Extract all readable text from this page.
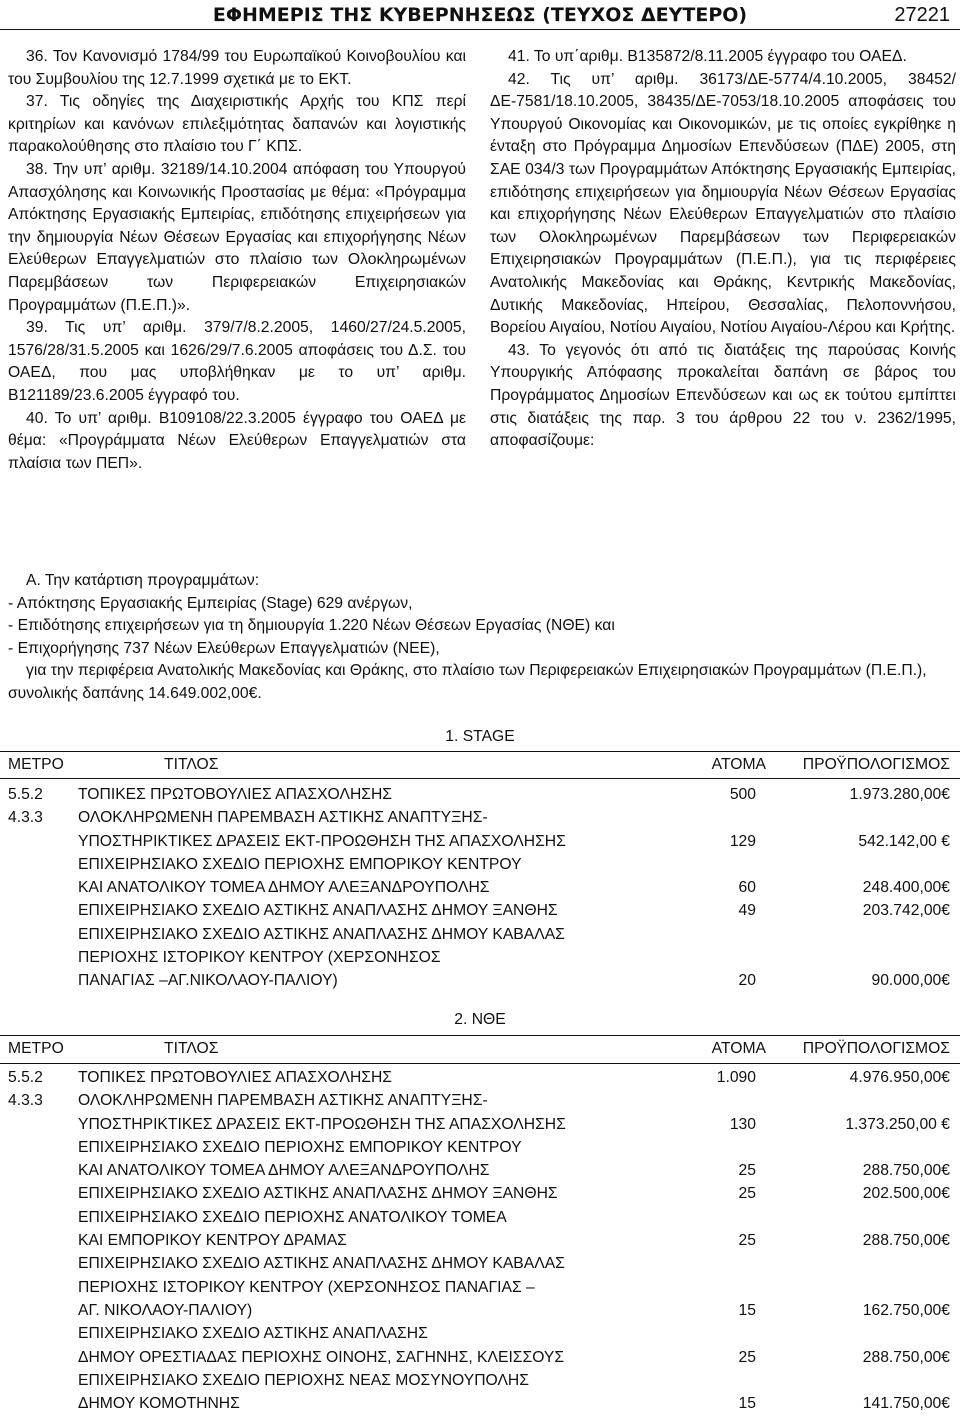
ΕΦΗΜΕΡΙΣ ΤΗΣ ΚΥΒΕΡΝΗΣΕΩΣ (ΤΕΥΧΟΣ ΔΕΥΤΕΡΟ)	27221

36. Τον Κανονισμό 1784/99 του Ευρωπαϊκού Κοινοβουλίου και του Συμβουλίου της 12.7.1999 σχετικά με το ΕΚΤ.

37. Τις οδηγίες της Διαχειριστικής Αρχής του ΚΠΣ περί κριτηρίων και κανόνων επιλεξιμότητας δαπανών και λογιστικής παρακολούθησης στο πλαίσιο του Γ΄ ΚΠΣ.

38. Την υπ’ αριθμ. 32189/14.10.2004 απόφαση του Υπουργού Απασχόλησης και Κοινωνικής Προστασίας με θέμα: «Πρόγραμμα Απόκτησης Εργασιακής Εμπειρίας, επιδότησης επιχειρήσεων για την δημιουργία Νέων Θέσεων Εργασίας και επιχορήγησης Νέων Ελεύθερων Επαγγελματιών στο πλαίσιο των Ολοκληρωμένων Παρεμβάσεων των Περιφερειακών Επιχειρησιακών Προγραμμάτων (Π.Ε.Π.)».

39. Τις υπ’ αριθμ. 379/7/8.2.2005, 1460/27/24.5.2005, 1576/28/31.5.2005 και 1626/29/7.6.2005 αποφάσεις του Δ.Σ. του ΟΑΕΔ, που μας υποβλήθηκαν με το υπ’ αριθμ. Β121189/23.6.2005 έγγραφό του.

40. Το υπ’ αριθμ. Β109108/22.3.2005 έγγραφο του ΟΑΕΔ με θέμα: «Προγράμματα Νέων Ελεύθερων Επαγγελματιών στα πλαίσια των ΠΕΠ».

41. Το υπ΄αριθμ. Β135872/8.11.2005 έγγραφο του ΟΑΕΔ.

42. Τις υπ’ αριθμ. 36173/ΔΕ-5774/4.10.2005, 38452/ΔΕ-7581/18.10.2005, 38435/ΔΕ-7053/18.10.2005 αποφάσεις του Υπουργού Οικονομίας και Οικονομικών, με τις οποίες εγκρίθηκε η ένταξη στο Πρόγραμμα Δημοσίων Επενδύσεων (ΠΔΕ) 2005, στη ΣΑΕ 034/3 των Προγραμμάτων Απόκτησης Εργασιακής Εμπειρίας, επιδότησης επιχειρήσεων για δημιουργία Νέων Θέσεων Εργασίας και επιχορήγησης Νέων Ελεύθερων Επαγγελματιών στο πλαίσιο των Ολοκληρωμένων Παρεμβάσεων των Περιφερειακών Επιχειρησιακών Προγραμμάτων (Π.Ε.Π.), για τις περιφέρειες Ανατολικής Μακεδονίας και Θράκης, Κεντρικής Μακεδονίας, Δυτικής Μακεδονίας, Ηπείρου, Θεσσαλίας, Πελοποννήσου, Βορείου Αιγαίου, Νοτίου Αιγαίου, Νοτίου Αιγαίου-Λέρου και Κρήτης.

43. Το γεγονός ότι από τις διατάξεις της παρούσας Κοινής Υπουργικής Απόφασης προκαλείται δαπάνη σε βάρος του Προγράμματος Δημοσίων Επενδύσεων και ως εκ τούτου εμπίπτει στις διατάξεις της παρ. 3 του άρθρου 22 του ν. 2362/1995, αποφασίζουμε:

Α. Την κατάρτιση προγραμμάτων:

- Απόκτησης Εργασιακής Εμπειρίας (Stage) 629 ανέργων,

- Επιδότησης επιχειρήσεων για τη δημιουργία 1.220 Νέων Θέσεων Εργασίας (ΝΘΕ) και

- Επιχορήγησης 737 Νέων Ελεύθερων Επαγγελματιών (ΝΕΕ),

για την περιφέρεια Ανατολικής Μακεδονίας και Θράκης, στο πλαίσιο των Περιφερειακών Επιχειρησιακών Προγραμμάτων (Π.Ε.Π.), συνολικής δαπάνης 14.649.002,00€.

1. STAGE
ΜΕΤΡΟ	ΤΙΤΛΟΣ	ΑΤΟΜΑ ΠΡΟΫΠΟΛΟΓΙΣΜΟΣ
5.5.2	ΤΟΠΙΚΕΣ ΠΡΩΤΟΒΟΥΛΙΕΣ ΑΠΑΣΧΟΛΗΣΗΣ	500	1.973.280,00€
4.3.3	ΟΛΟΚΛΗΡΩΜΕΝΗ ΠΑΡΕΜΒΑΣΗ ΑΣΤΙΚΗΣ ΑΝΑΠΤΥΞΗΣ-
ΥΠΟΣΤΗΡΙΚΤΙΚΕΣ ΔΡΑΣΕΙΣ ΕΚΤ-ΠΡΟΩΘΗΣΗ ΤΗΣ ΑΠΑΣΧΟΛΗΣΗΣ	129	542.142,00 €
ΕΠΙΧΕΙΡΗΣΙΑΚΟ ΣΧΕΔΙΟ ΠΕΡΙΟΧΗΣ ΕΜΠΟΡΙΚΟΥ ΚΕΝΤΡΟΥ
ΚΑΙ ΑΝΑΤΟΛΙΚΟΥ ΤΟΜΕΑ ΔΗΜΟΥ ΑΛΕΞΑΝΔΡΟΥΠΟΛΗΣ	60	248.400,00€
ΕΠΙΧΕΙΡΗΣΙΑΚΟ ΣΧΕΔΙΟ ΑΣΤΙΚΗΣ ΑΝΑΠΛΑΣΗΣ ΔΗΜΟΥ ΞΑΝΘΗΣ	49	203.742,00€
ΕΠΙΧΕΙΡΗΣΙΑΚΟ ΣΧΕΔΙΟ ΑΣΤΙΚΗΣ ΑΝΑΠΛΑΣΗΣ ΔΗΜΟΥ ΚΑΒΑΛΑΣ
ΠΕΡΙΟΧΗΣ ΙΣΤΟΡΙΚΟΥ ΚΕΝΤΡΟΥ (ΧΕΡΣΟΝΗΣΟΣ
ΠΑΝΑΓΙΑΣ –ΑΓ.ΝΙΚΟΛΑΟΥ-ΠΑΛΙΟΥ)	20	90.000,00€
2. ΝΘΕ
ΜΕΤΡΟ	ΤΙΤΛΟΣ	ΑΤΟΜΑ ΠΡΟΫΠΟΛΟΓΙΣΜΟΣ
5.5.2	ΤΟΠΙΚΕΣ ΠΡΩΤΟΒΟΥΛΙΕΣ ΑΠΑΣΧΟΛΗΣΗΣ	1.090	4.976.950,00€
4.3.3	ΟΛΟΚΛΗΡΩΜΕΝΗ ΠΑΡΕΜΒΑΣΗ ΑΣΤΙΚΗΣ ΑΝΑΠΤΥΞΗΣ-
ΥΠΟΣΤΗΡΙΚΤΙΚΕΣ ΔΡΑΣΕΙΣ ΕΚΤ-ΠΡΟΩΘΗΣΗ ΤΗΣ ΑΠΑΣΧΟΛΗΣΗΣ	130	1.373.250,00 €
ΕΠΙΧΕΙΡΗΣΙΑΚΟ ΣΧΕΔΙΟ ΠΕΡΙΟΧΗΣ ΕΜΠΟΡΙΚΟΥ ΚΕΝΤΡΟΥ
ΚΑΙ ΑΝΑΤΟΛΙΚΟΥ ΤΟΜΕΑ ΔΗΜΟΥ ΑΛΕΞΑΝΔΡΟΥΠΟΛΗΣ	25	288.750,00€
ΕΠΙΧΕΙΡΗΣΙΑΚΟ ΣΧΕΔΙΟ ΑΣΤΙΚΗΣ ΑΝΑΠΛΑΣΗΣ ΔΗΜΟΥ ΞΑΝΘΗΣ	25	202.500,00€
ΕΠΙΧΕΙΡΗΣΙΑΚΟ ΣΧΕΔΙΟ ΠΕΡΙΟΧΗΣ ΑΝΑΤΟΛΙΚΟΥ ΤΟΜΕΑ
ΚΑΙ ΕΜΠΟΡΙΚΟΥ ΚΕΝΤΡΟΥ ΔΡΑΜΑΣ	25	288.750,00€
ΕΠΙΧΕΙΡΗΣΙΑΚΟ ΣΧΕΔΙΟ ΑΣΤΙΚΗΣ ΑΝΑΠΛΑΣΗΣ ΔΗΜΟΥ ΚΑΒΑΛΑΣ
ΠΕΡΙΟΧΗΣ ΙΣΤΟΡΙΚΟΥ ΚΕΝΤΡΟΥ (ΧΕΡΣΟΝΗΣΟΣ ΠΑΝΑΓΙΑΣ –
ΑΓ. ΝΙΚΟΛΑΟΥ-ΠΑΛΙΟΥ)	15	162.750,00€
ΕΠΙΧΕΙΡΗΣΙΑΚΟ ΣΧΕΔΙΟ ΑΣΤΙΚΗΣ ΑΝΑΠΛΑΣΗΣ
ΔΗΜΟΥ ΟΡΕΣΤΙΑΔΑΣ ΠΕΡΙΟΧΗΣ ΟΙΝΟΗΣ, ΣΑΓΗΝΗΣ, ΚΛΕΙΣΣΟΥΣ	25	288.750,00€
ΕΠΙΧΕΙΡΗΣΙΑΚΟ ΣΧΕΔΙΟ ΠΕΡΙΟΧΗΣ ΝΕΑΣ ΜΟΣΥΝΟΥΠΟΛΗΣ
ΔΗΜΟΥ ΚΟΜΟΤΗΝΗΣ	15	141.750,00€
